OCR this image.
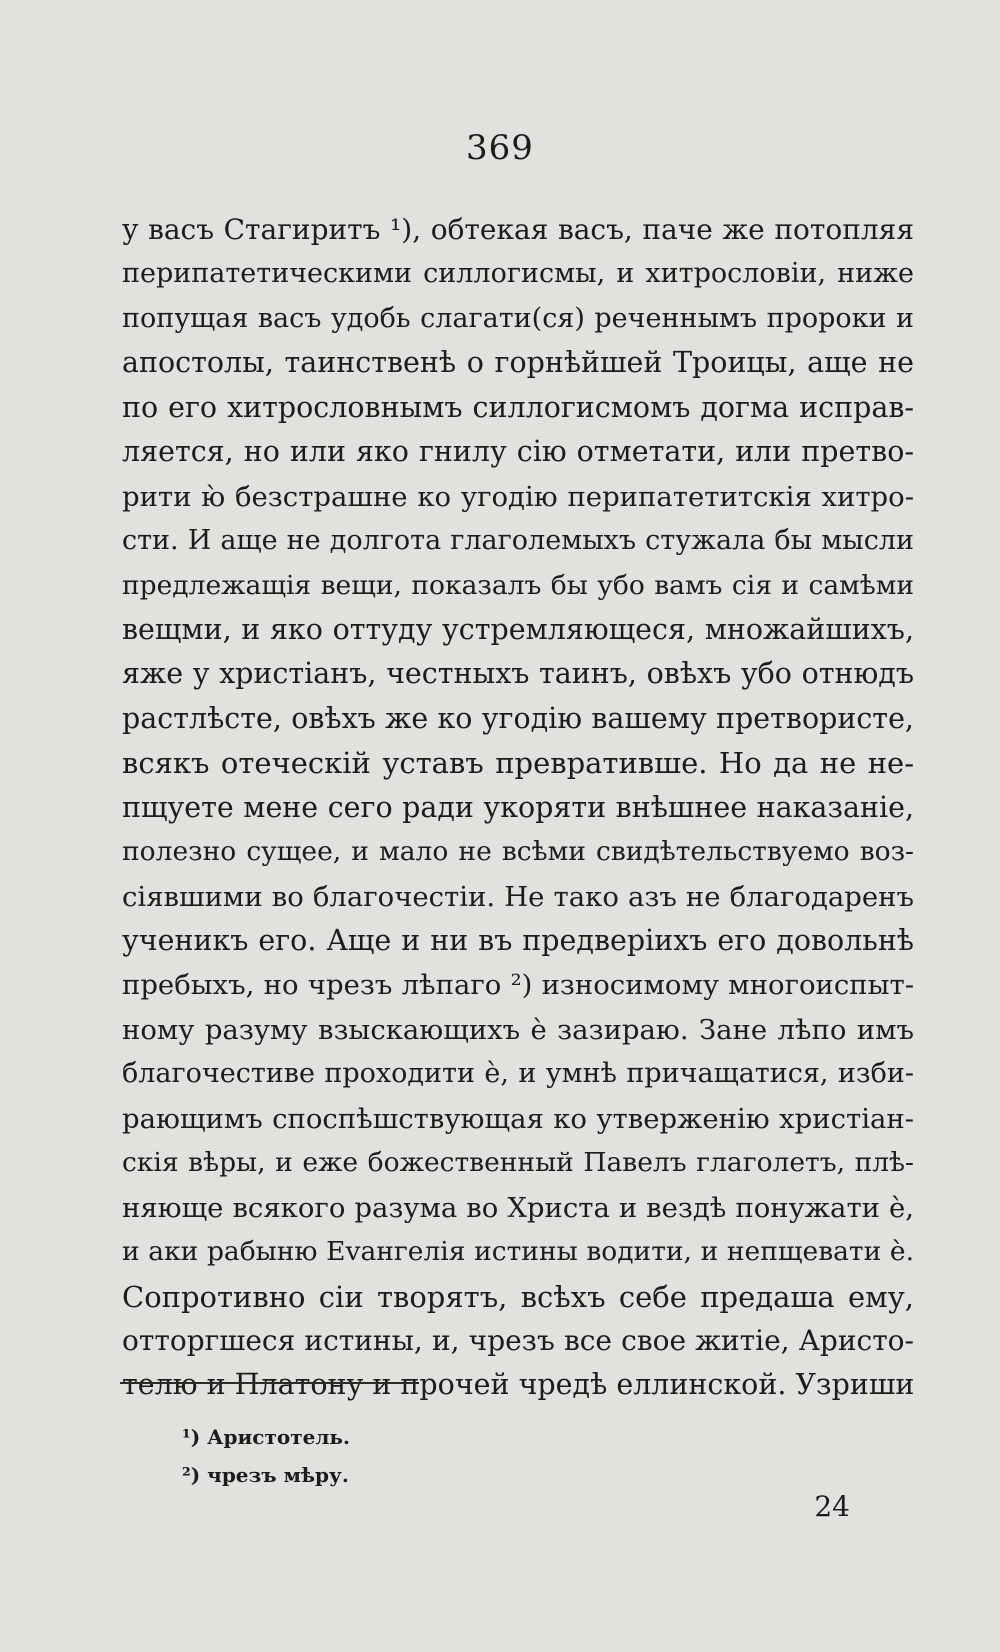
369
у васъ Стагиритъ ¹), обтекая васъ, паче же потопляя
перипатетическими силлогисмы, и хитрословіи, ниже
попущая васъ удобь слагати(ся) реченнымъ пророки и
апостолы, таинственѣ о горнѣйшей Троицы, аще не
по его хитрословнымъ силлогисмомъ догма исправ-
ляется, но или яко гнилу сію отметати, или претво-
рити ю̀ безстрашне ко угодію перипатетитскія хитро-
сти. И аще не долгота глаголемыхъ стужала бы мысли
предлежащія вещи, показалъ бы убо вамъ сія и самѣми
вещми, и яко оттуду устремляющеся, множайшихъ,
яже у христіанъ, честныхъ таинъ, овѣхъ убо отнюдъ
растлѣсте, овѣхъ же ко угодію вашему претвористе,
всякъ отеческій уставъ превративше. Но да не не-
пщуете мене сего ради укоряти внѣшнее наказаніе,
полезно сущее, и мало не всѣми свидѣтельствуемо воз-
сіявшими во благочестіи. Не тако азъ не благодаренъ
ученикъ его. Аще и ни въ предверіихъ его довольнѣ
пребыхъ, но чрезъ лѣпаго ²) износимому многоиспыт-
ному разуму взыскающихъ è зазираю. Зане лѣпо имъ
благочестиве проходити è, и умнѣ причащатися, изби-
рающимъ споспѣшствующая ко утверженію христіан-
скія вѣры, и еже божественный Павелъ глаголетъ, плѣ-
няюще всякого разума во Христа и вездѣ понужати è,
и аки рабыню Еvангелія истины водити, и непщевати è.
Сопротивно сіи творятъ, всѣхъ себе предаша ему,
отторгшеся истины, и, чрезъ все свое житіе, Аристо-
телю и Платону и прочей чредѣ еллинской. Узриши
¹) Аристотель.
²) чрезъ мѣру.
24
